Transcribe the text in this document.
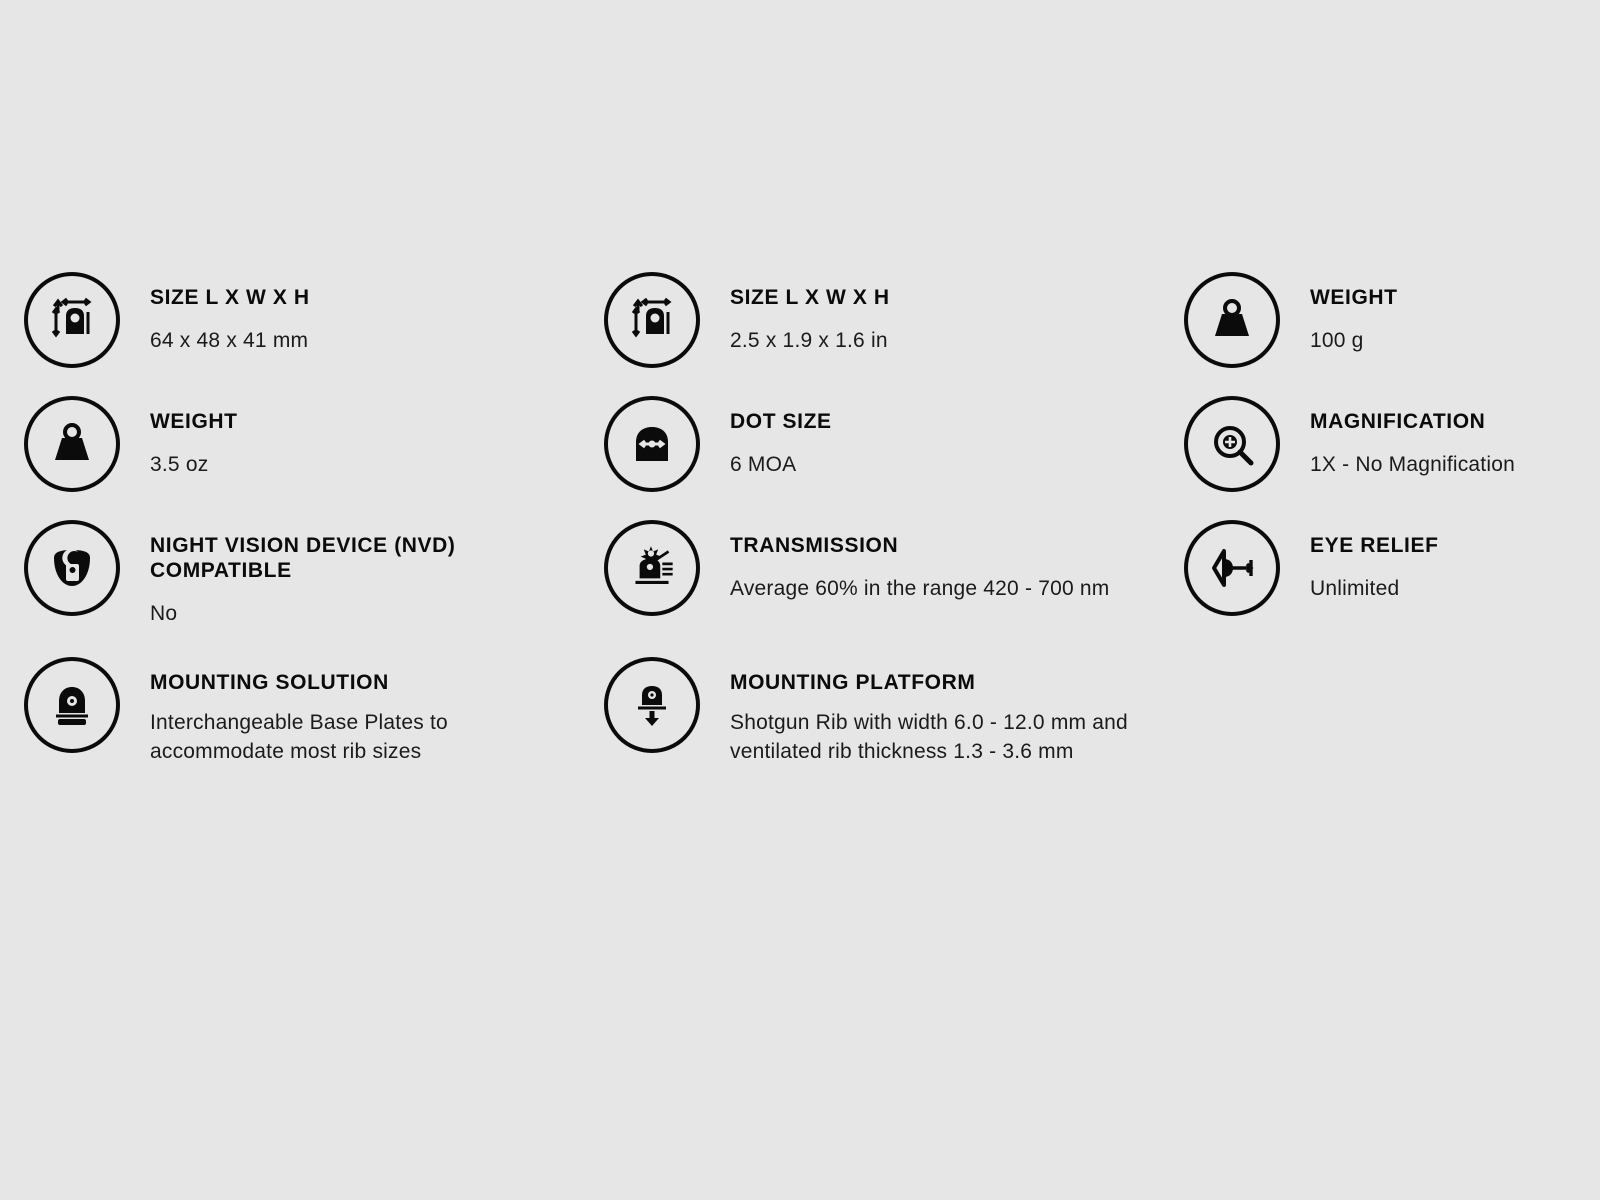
SIZE L X W X H

64 x 48 x 41 mm

SIZE L X W X H

2.5 x 1.9 x 1.6 in

WEIGHT

100 g

WEIGHT

3.5 oz

DOT SIZE

6 MOA

MAGNIFICATION

1X - No Magnification

NIGHT VISION DEVICE (NVD) COMPATIBLE

No

TRANSMISSION

Average 60% in the range 420 - 700 nm

EYE RELIEF

Unlimited

MOUNTING SOLUTION

Interchangeable Base Plates to accommodate most rib sizes

MOUNTING PLATFORM

Shotgun Rib with width 6.0 - 12.0 mm and ventilated rib thickness 1.3 - 3.6 mm
